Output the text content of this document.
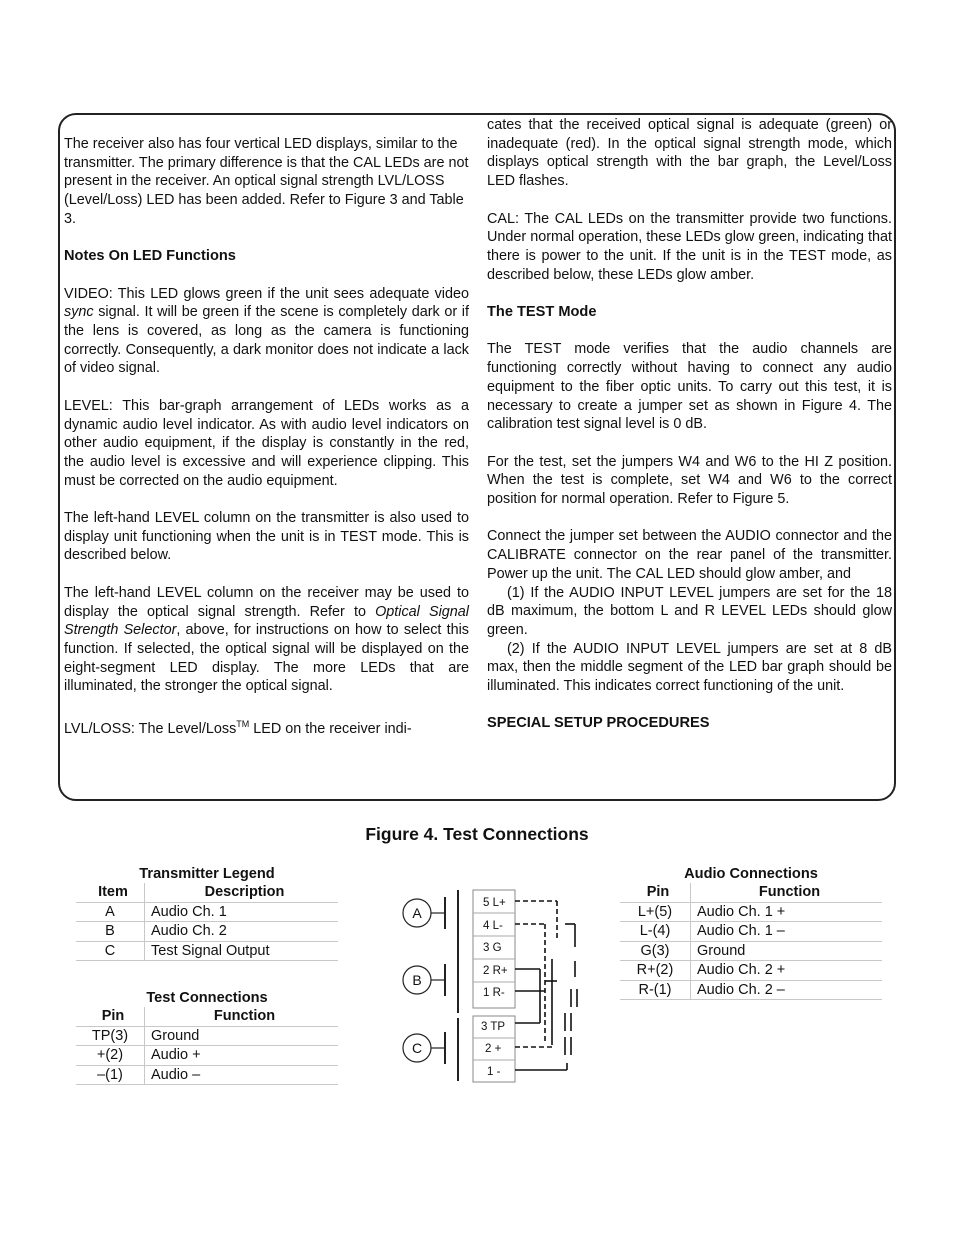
The receiver also has four vertical LED displays, similar to the transmitter. The primary difference is that the CAL LEDs are not present in the receiver. An optical signal strength LVL/LOSS (Level/Loss) LED has been added. Refer to Figure 3 and Table 3.

Notes On LED Functions

VIDEO: This LED glows green if the unit sees adequate video sync signal. It will be green if the scene is completely dark or if the lens is covered, as long as the camera is functioning correctly. Consequently, a dark monitor does not indicate a lack of video signal.

LEVEL: This bar-graph arrangement of LEDs works as a dynamic audio level indicator. As with audio level indicators on other audio equipment, if the display is constantly in the red, the audio level is excessive and will experience clipping. This must be corrected on the audio equipment.

The left-hand LEVEL column on the transmitter is also used to display unit functioning when the unit is in TEST mode. This is described below.

The left-hand LEVEL column on the receiver may be used to display the optical signal strength. Refer to Optical Signal Strength Selector, above, for instructions on how to select this function. If selected, the optical signal will be displayed on the eight-segment LED display. The more LEDs that are illuminated, the stronger the optical signal.

LVL/LOSS: The Level/Loss™ LED on the receiver indi-

cates that the received optical signal is adequate (green) or inadequate (red). In the optical signal strength mode, which displays optical strength with the bar graph, the Level/Loss LED flashes.

CAL: The CAL LEDs on the transmitter provide two functions. Under normal operation, these LEDs glow green, indicating that there is power to the unit. If the unit is in the TEST mode, as described below, these LEDs glow amber.

The TEST Mode

The TEST mode verifies that the audio channels are functioning correctly without having to connect any audio equipment to the fiber optic units. To carry out this test, it is necessary to create a jumper set as shown in Figure 4. The calibration test signal level is 0 dB.

For the test, set the jumpers W4 and W6 to the HI Z position. When the test is complete, set W4 and W6 to the correct position for normal operation. Refer to Figure 5.

Connect the jumper set between the AUDIO connector and the CALIBRATE connector on the rear panel of the transmitter. Power up the unit. The CAL LED should glow amber, and

(1) If the AUDIO INPUT LEVEL jumpers are set for the 18 dB maximum, the bottom L and R LEVEL LEDs should glow green.

(2) If the AUDIO INPUT LEVEL jumpers are set at 8 dB max, then the middle segment of the LED bar graph should be illuminated. This indicates correct functioning of the unit.

SPECIAL SETUP PROCEDURES
Figure 4. Test Connections
Transmitter Legend
Item	Description
A	Audio Ch. 1
B	Audio Ch. 2
C	Test Signal Output
Test Connections
Pin	Function
TP(3)	Ground
+(2)	Audio +
–(1)	Audio –
Audio Connections
Pin	Function
L+(5)	Audio Ch. 1 +
L-(4)	Audio Ch. 1 –
G(3)	Ground
R+(2)	Audio Ch. 2 +
R-(1)	Audio Ch. 2 –
A
B
C
5 L+
4 L-
3 G
2 R+
1 R-
3 TP
2 +
1 -
